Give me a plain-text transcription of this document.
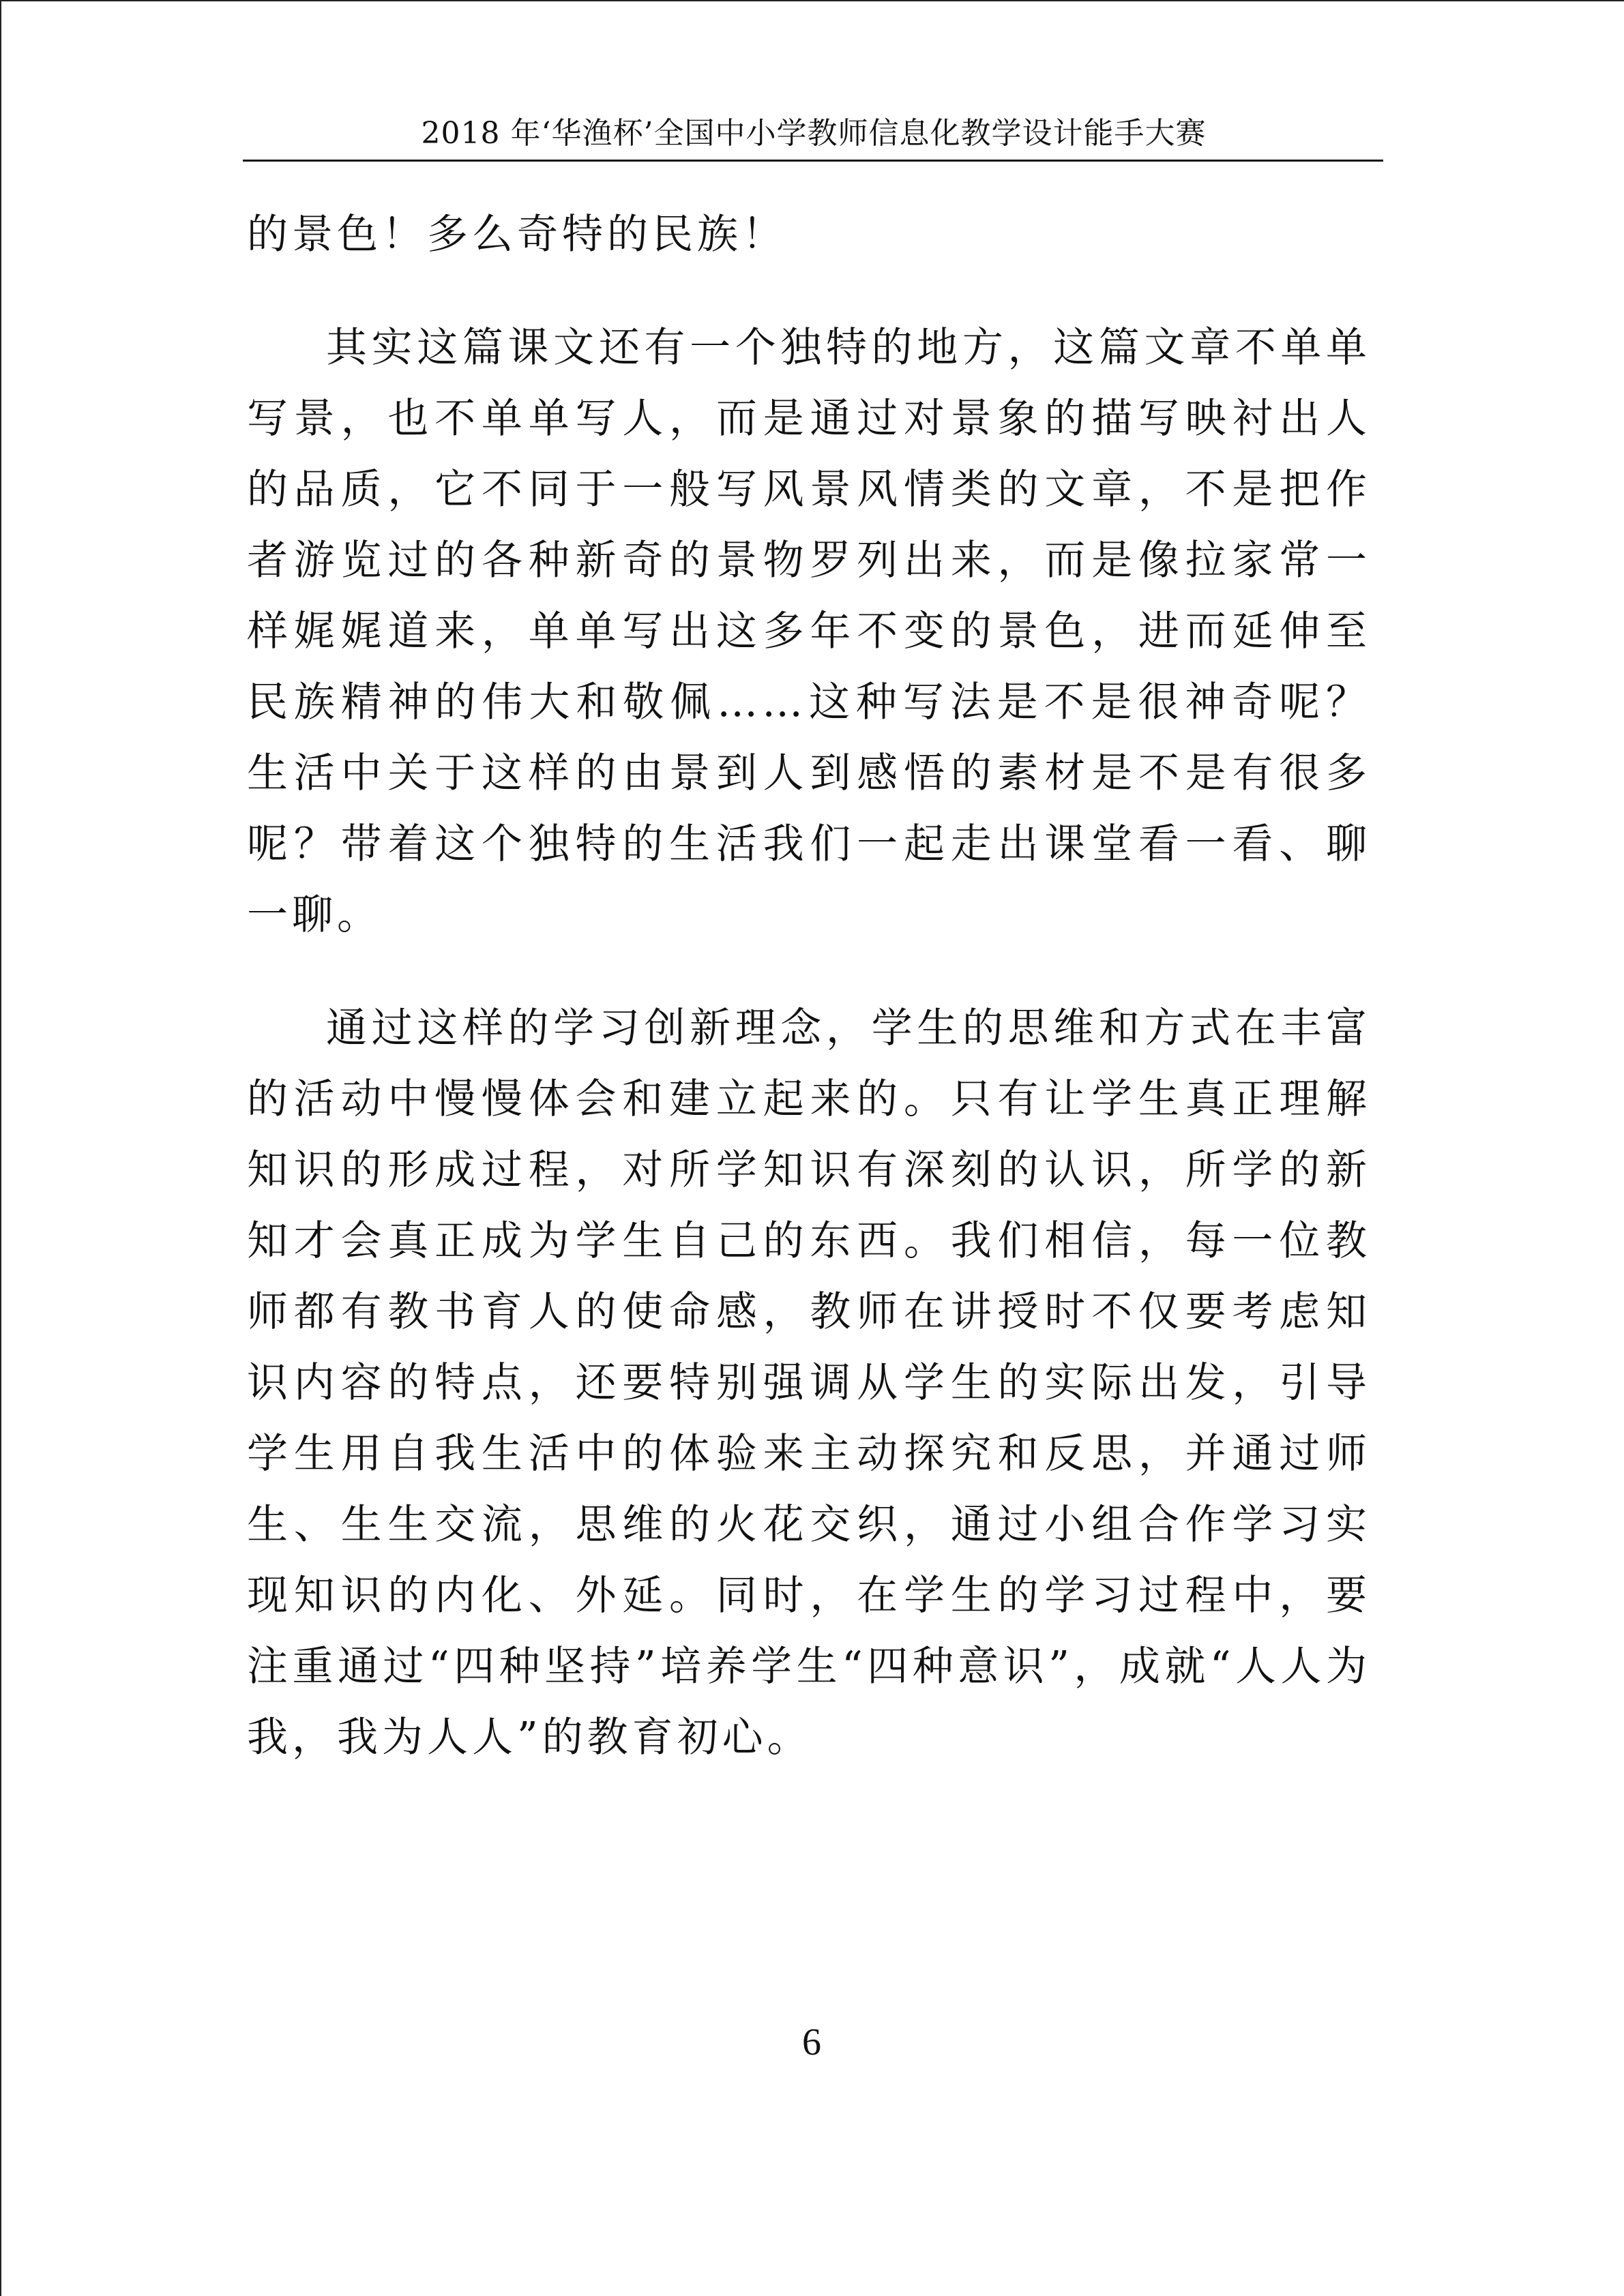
2018 年‘华渔杯’全国中小学教师信息化教学设计能手大赛

的景色！多么奇特的民族！

其实这篇课文还有一个独特的地方，这篇文章不单单写景，也不单单写人，而是通过对景象的描写映衬出人的品质，它不同于一般写风景风情类的文章，不是把作者游览过的各种新奇的景物罗列出来，而是像拉家常一样娓娓道来，单单写出这多年不变的景色，进而延伸至民族精神的伟大和敬佩……这种写法是不是很神奇呢？生活中关于这样的由景到人到感悟的素材是不是有很多呢？带着这个独特的生活我们一起走出课堂看一看、聊一聊。

通过这样的学习创新理念，学生的思维和方式在丰富的活动中慢慢体会和建立起来的。只有让学生真正理解知识的形成过程，对所学知识有深刻的认识，所学的新知才会真正成为学生自己的东西。我们相信，每一位教师都有教书育人的使命感，教师在讲授时不仅要考虑知识内容的特点，还要特别强调从学生的实际出发，引导学生用自我生活中的体验来主动探究和反思，并通过师生、生生交流，思维的火花交织，通过小组合作学习实现知识的内化、外延。同时，在学生的学习过程中，要注重通过“四种坚持”培养学生“四种意识”，成就“人人为我，我为人人”的教育初心。

6
